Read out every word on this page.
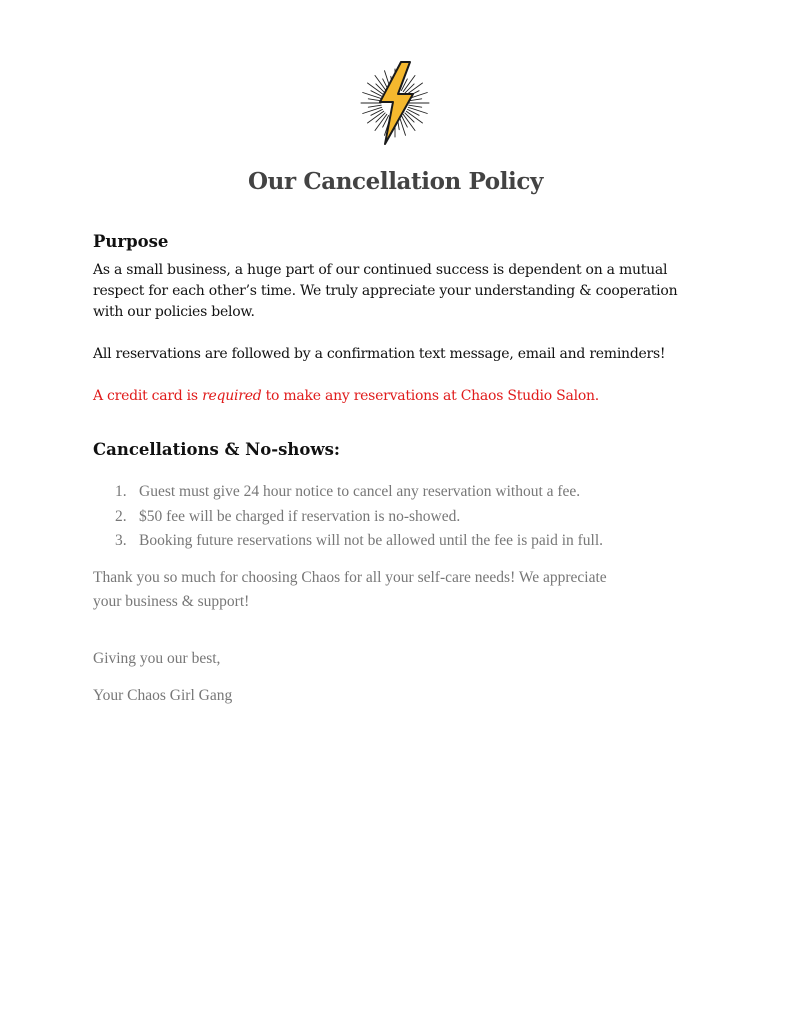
Our Cancellation Policy
Purpose

As a small business, a huge part of our continued success is dependent on a mutual
respect for each other’s time. We truly appreciate your understanding & cooperation
with our policies below.

All reservations are followed by a confirmation text message, email and reminders!

A credit card is required to make any reservations at Chaos Studio Salon.

Cancellations & No-shows:
1. Guest must give 24 hour notice to cancel any reservation without a fee.
2. $50 fee will be charged if reservation is no-showed.
3. Booking future reservations will not be allowed until the fee is paid in full.

Thank you so much for choosing Chaos for all your self-care needs! We appreciate
your business & support!

Giving you our best,

Your Chaos Girl Gang
